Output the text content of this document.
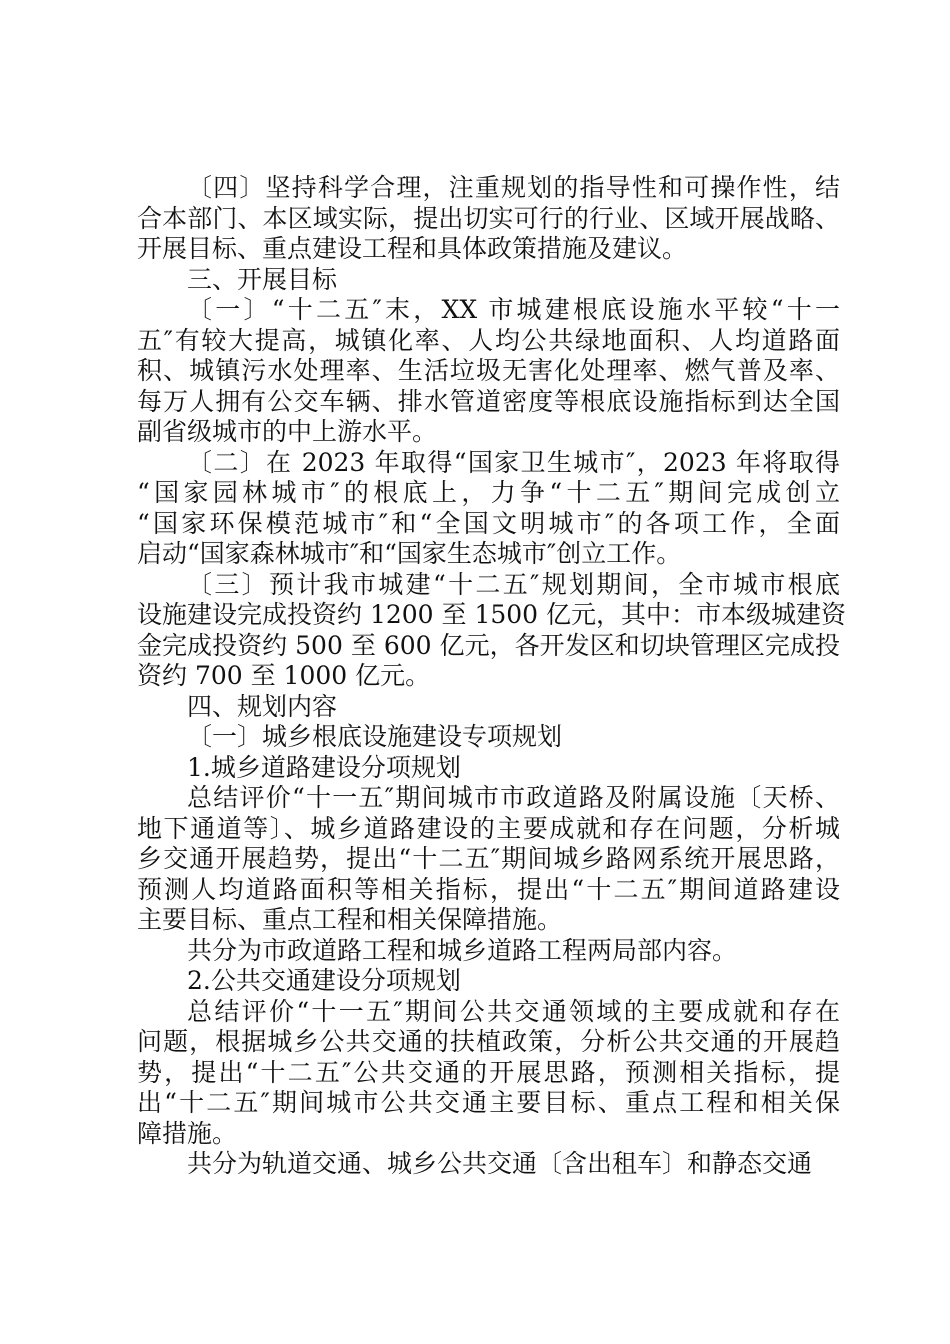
〔四〕坚持科学合理，注重规划的指导性和可操作性，结
合本部门、本区域实际，提出切实可行的行业、区域开展战略、
开展目标、重点建设工程和具体政策措施及建议。
三、开展目标
〔一〕“十二五″末，XX 市城建根底设施水平较“十一
五″有较大提高，城镇化率、人均公共绿地面积、人均道路面
积、城镇污水处理率、生活垃圾无害化处理率、燃气普及率、
每万人拥有公交车辆、排水管道密度等根底设施指标到达全国
副省级城市的中上游水平。
〔二〕在 2023 年取得“国家卫生城市″，2023 年将取得
“国家园林城市″的根底上，力争“十二五″期间完成创立
“国家环保模范城市″和“全国文明城市″的各项工作，全面
启动“国家森林城市″和“国家生态城市″创立工作。
〔三〕预计我市城建“十二五″规划期间，全市城市根底
设施建设完成投资约 1200 至 1500 亿元，其中：市本级城建资
金完成投资约 500 至 600 亿元，各开发区和切块管理区完成投
资约 700 至 1000 亿元。
四、规划内容
〔一〕城乡根底设施建设专项规划
1.城乡道路建设分项规划
总结评价“十一五″期间城市市政道路及附属设施〔天桥、
地下通道等〕、城乡道路建设的主要成就和存在问题，分析城
乡交通开展趋势，提出“十二五″期间城乡路网系统开展思路，
预测人均道路面积等相关指标，提出“十二五″期间道路建设
主要目标、重点工程和相关保障措施。
共分为市政道路工程和城乡道路工程两局部内容。
2.公共交通建设分项规划
总结评价“十一五″期间公共交通领域的主要成就和存在
问题，根据城乡公共交通的扶植政策，分析公共交通的开展趋
势，提出“十二五″公共交通的开展思路，预测相关指标，提
出“十二五″期间城市公共交通主要目标、重点工程和相关保
障措施。
共分为轨道交通、城乡公共交通〔含出租车〕和静态交通
